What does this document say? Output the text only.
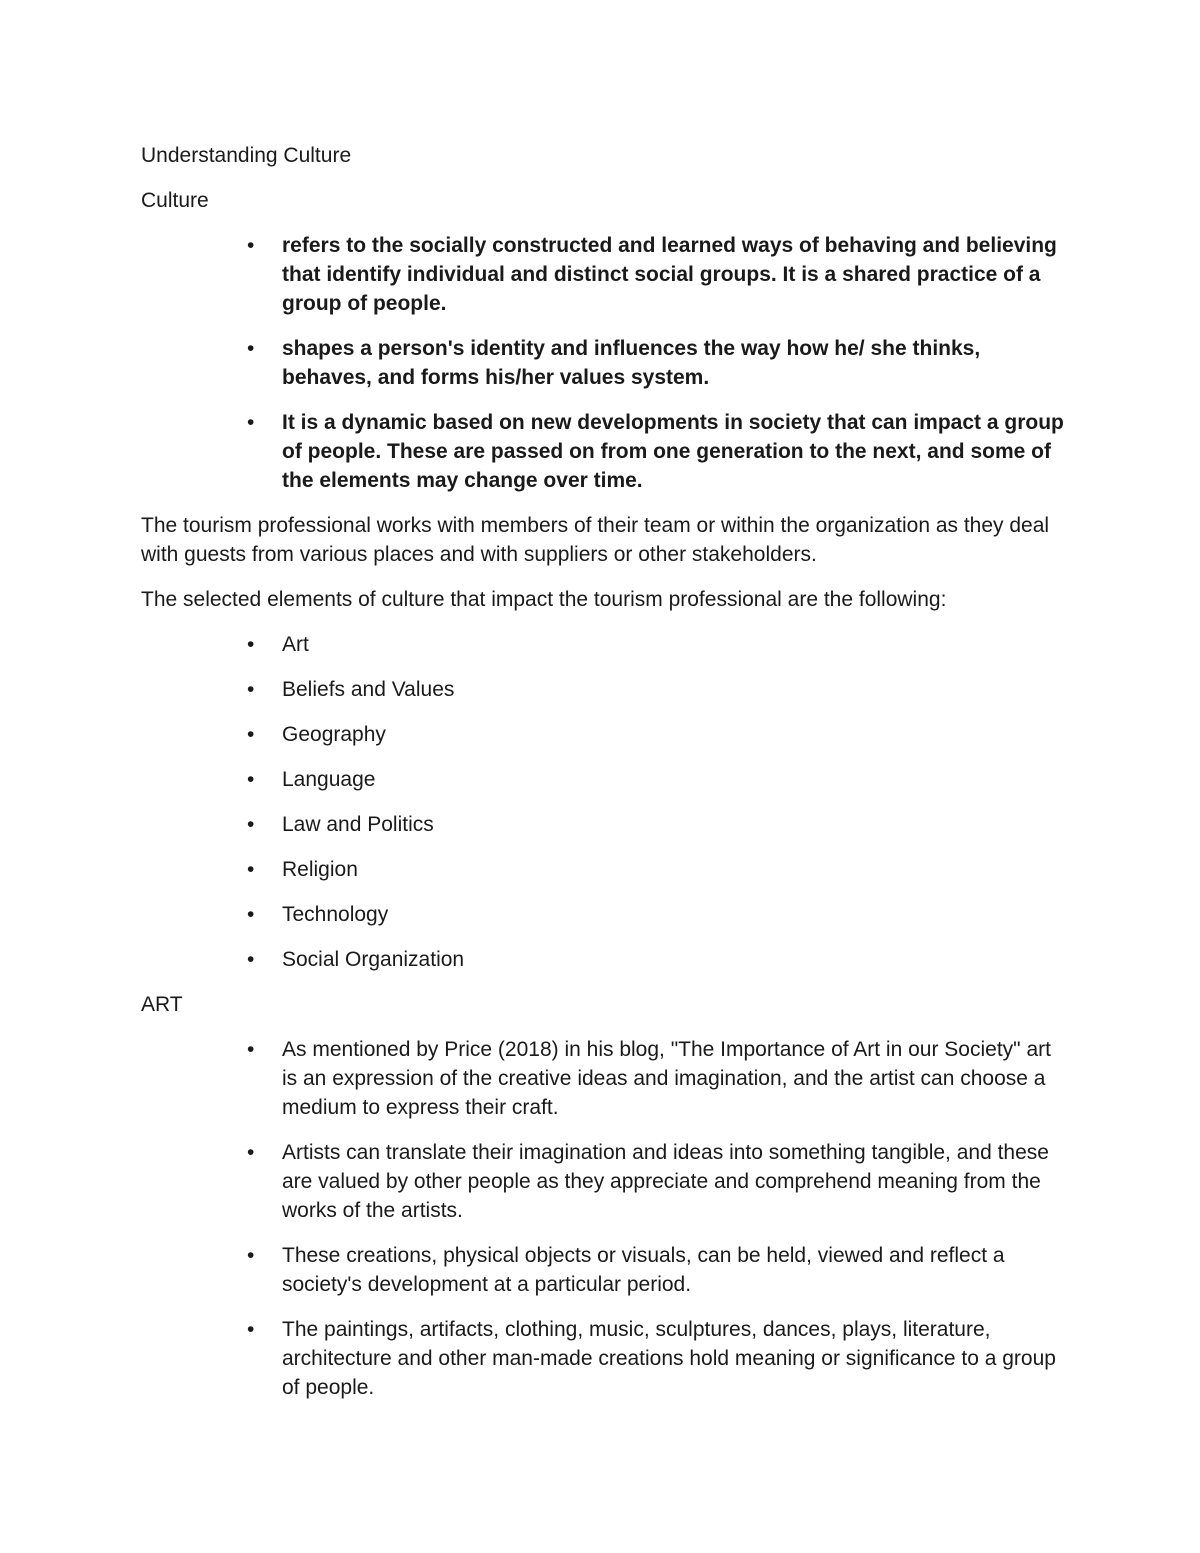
Understanding Culture

Culture

•	refers to the socially constructed and learned ways of behaving and believing that identify individual and distinct social groups. It is a shared practice of a group of people.
•	shapes a person's identity and influences the way how he/ she thinks, behaves, and forms his/her values system.
•	It is a dynamic based on new developments in society that can impact a group of people. These are passed on from one generation to the next, and some of the elements may change over time.

The tourism professional works with members of their team or within the organization as they deal with guests from various places and with suppliers or other stakeholders.

The selected elements of culture that impact the tourism professional are the following:

•	Art
•	Beliefs and Values
•	Geography
•	Language
•	Law and Politics
•	Religion
•	Technology
•	Social Organization

ART

•	As mentioned by Price (2018) in his blog, "The Importance of Art in our Society" art is an expression of the creative ideas and imagination, and the artist can choose a medium to express their craft.
•	Artists can translate their imagination and ideas into something tangible, and these are valued by other people as they appreciate and comprehend meaning from the works of the artists.
•	These creations, physical objects or visuals, can be held, viewed and reflect a society's development at a particular period.
•	The paintings, artifacts, clothing, music, sculptures, dances, plays, literature, architecture and other man-made creations hold meaning or significance to a group of people.
